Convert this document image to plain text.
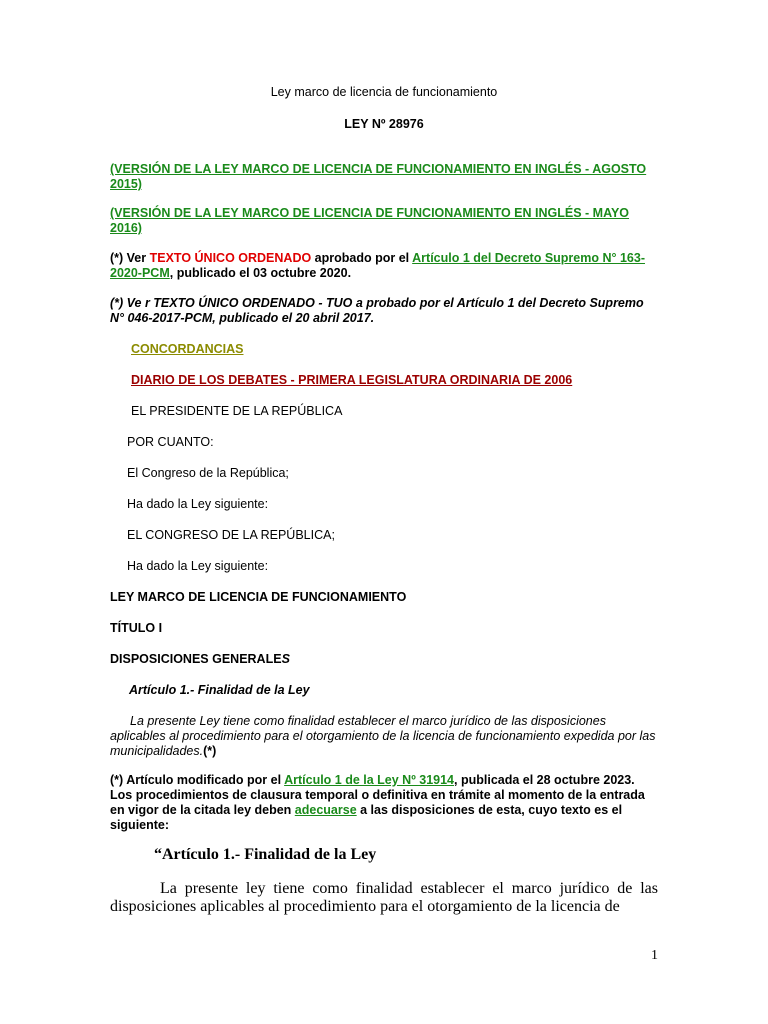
Ley marco de licencia de funcionamiento

LEY Nº 28976

(VERSIÓN DE LA LEY MARCO DE LICENCIA DE FUNCIONAMIENTO EN INGLÉS - AGOSTO 2015)

(VERSIÓN DE LA LEY MARCO DE LICENCIA DE FUNCIONAMIENTO EN INGLÉS - MAYO 2016)

(*) Ver TEXTO ÚNICO ORDENADO aprobado por el Artículo 1 del Decreto Supremo N° 163-2020-PCM, publicado el 03 octubre 2020.

(*) Ve r TEXTO ÚNICO ORDENADO - TUO a probado por el Artículo 1 del Decreto Supremo N° 046-2017-PCM, publicado el 20 abril 2017.

CONCORDANCIAS

DIARIO DE LOS DEBATES - PRIMERA LEGISLATURA ORDINARIA DE 2006

EL PRESIDENTE DE LA REPÚBLICA

POR CUANTO:

El Congreso de la República;

Ha dado la Ley siguiente:

EL CONGRESO DE LA REPÚBLICA;

Ha dado la Ley siguiente:

LEY MARCO DE LICENCIA DE FUNCIONAMIENTO

TÍTULO I

DISPOSICIONES GENERALES

Artículo 1.- Finalidad de la Ley

La presente Ley tiene como finalidad establecer el marco jurídico de las disposiciones aplicables al procedimiento para el otorgamiento de la licencia de funcionamiento expedida por las municipalidades.(*)

(*) Artículo modificado por el Artículo 1 de la Ley Nº 31914, publicada el 28 octubre 2023. Los procedimientos de clausura temporal o definitiva en trámite al momento de la entrada en vigor de la citada ley deben adecuarse a las disposiciones de esta, cuyo texto es el siguiente:

“Artículo 1.- Finalidad de la Ley

La presente ley tiene como finalidad establecer el marco jurídico de las disposiciones aplicables al procedimiento para el otorgamiento de la licencia de

1
